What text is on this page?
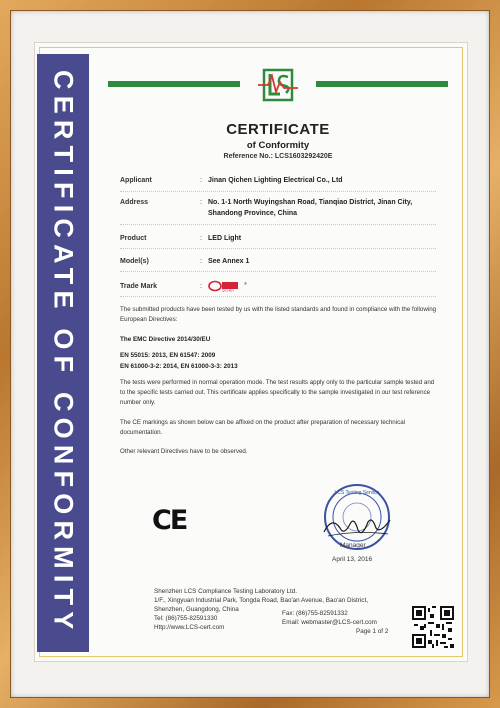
CERTIFICATE OF CONFORMITY	CERTIFICATE
of Conformity
Reference No.: LCS1603292420E
Applicant	: Jinan Qichen Lighting Electrical Co., Ltd
Address	: No. 1-1 North Wuyingshan Road, Tianqiao District, Jinan City, Shandong Province, China
Product	: LED Light
Model(s)	: See Annex 1
Trade Mark	:	®
QICHEN
The submitted products have been tested by us with the listed standards and found in compliance with the following European Directives:
The EMC Directive 2014/30/EU
EN 55015: 2013, EN 61547: 2009
EN 61000-3-2: 2014, EN 61000-3-3: 2013
The tests were performed in normal operation mode. The test results apply only to the particular sample tested and to the specific tests carried out. This certificate applies specifically to the sample investigated in our test reference number only.
The CE markings as shown below can be affixed on the product after preparation of necessary technical documentation.
Other relevant Directives have to be observed.
CE
LCS Testing Service
Manager
April 13, 2016
Shenzhen LCS Compliance Testing Laboratory Ltd.
1/F., Xingyuan Industrial Park, Tongda Road, Bao'an Avenue, Bao'an District,
Shenzhen, Guangdong, China
Tel: (86)755-82591330
Fax: (86)755-82591332
Http://www.LCS-cert.com
Email: webmaster@LCS-cert.com
Page 1 of 2
